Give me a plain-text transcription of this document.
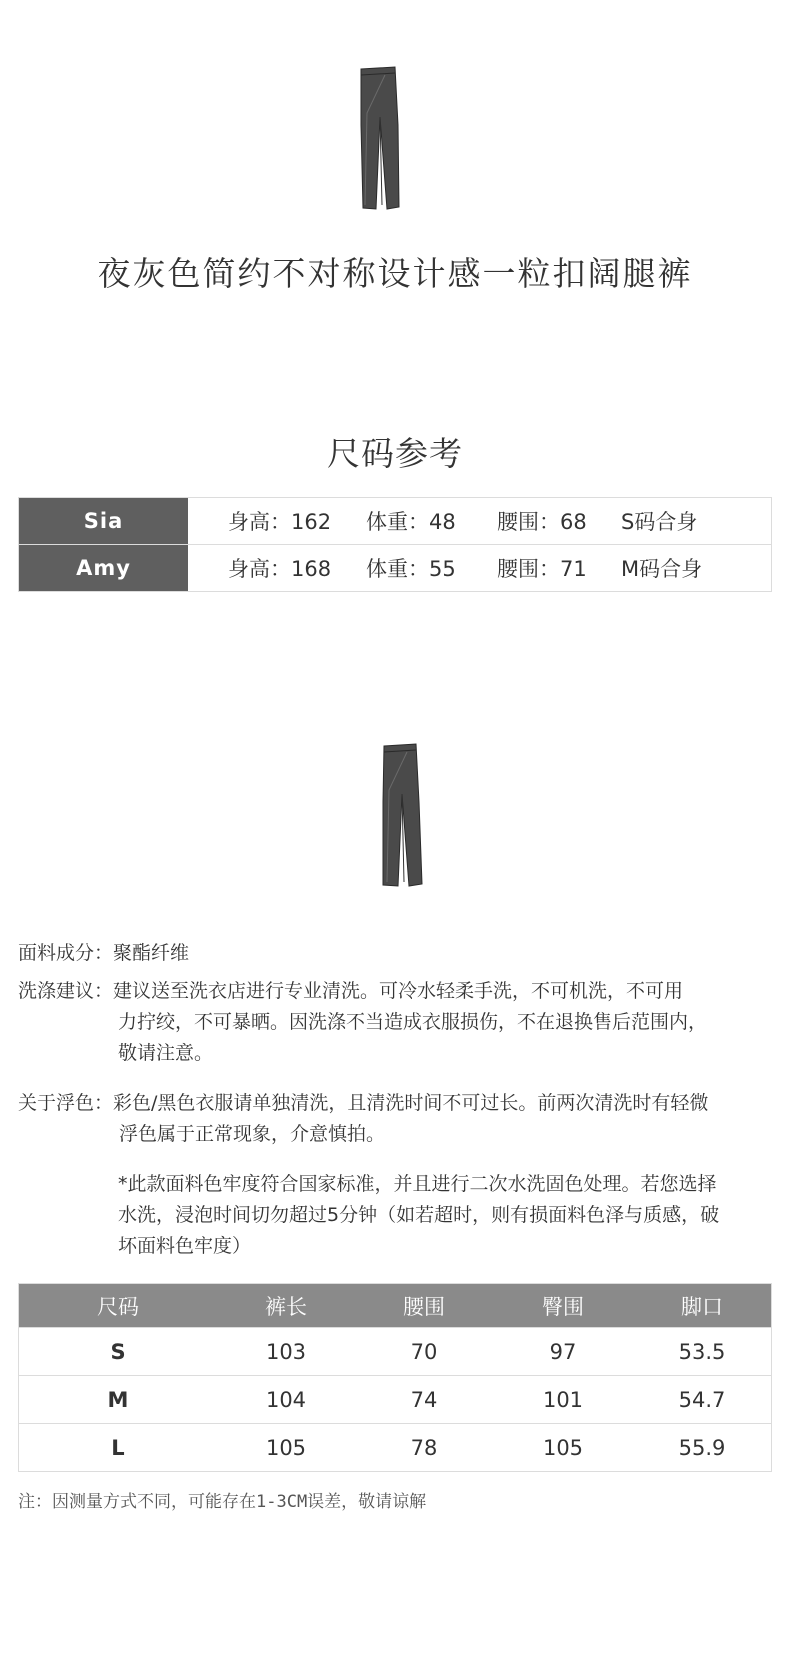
夜灰色简约不对称设计感一粒扣阔腿裤
尺码参考
Sia	身高：162	体重：48	腰围：68	S码合身
Amy	身高：168	体重：55	腰围：71	M码合身
面料成分： 聚酯纤维
洗涤建议： 建议送至洗衣店进行专业清洗。可冷水轻柔手洗，不可机洗，不可用
力拧绞，不可暴晒。因洗涤不当造成衣服损伤，不在退换售后范围内，
敬请注意。
关于浮色： 彩色/黑色衣服请单独清洗，且清洗时间不可过长。前两次清洗时有轻微
浮色属于正常现象，介意慎拍。
*此款面料色牢度符合国家标准，并且进行二次水洗固色处理。若您选择
水洗，浸泡时间切勿超过5分钟（如若超时，则有损面料色泽与质感，破
坏面料色牢度）
尺码	裤长	腰围	臀围	脚口
S	103	70	97	53.5
M	104	74	101	54.7
L	105	78	105	55.9
注：因测量方式不同，可能存在1-3CM误差，敬请谅解
